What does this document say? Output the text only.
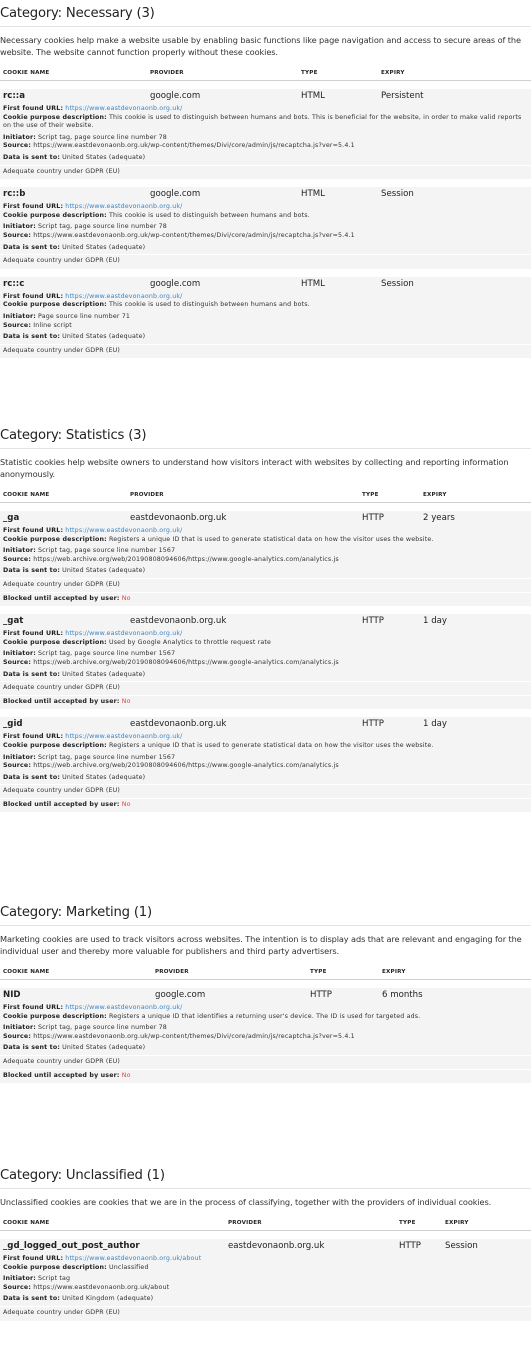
Category: Necessary (3)

Necessary cookies help make a website usable by enabling basic functions like page navigation and access to secure areas of the website. The website cannot function properly without these cookies.

COOKIE NAME	PROVIDER	TYPE	EXPIRY
rc::a	google.com	HTML	Persistent
First found URL: https://www.eastdevonaonb.org.uk/
Cookie purpose description: This cookie is used to distinguish between humans and bots. This is beneficial for the website, in order to make valid reports on the use of their website.
Initiator: Script tag, page source line number 78
Source: https://www.eastdevonaonb.org.uk/wp-content/themes/Divi/core/admin/js/recaptcha.js?ver=5.4.1
Data is sent to: United States (adequate)
Adequate country under GDPR (EU)
rc::b	google.com	HTML	Session
First found URL: https://www.eastdevonaonb.org.uk/
Cookie purpose description: This cookie is used to distinguish between humans and bots.
Initiator: Script tag, page source line number 78
Source: https://www.eastdevonaonb.org.uk/wp-content/themes/Divi/core/admin/js/recaptcha.js?ver=5.4.1
Data is sent to: United States (adequate)
Adequate country under GDPR (EU)
rc::c	google.com	HTML	Session
First found URL: https://www.eastdevonaonb.org.uk/
Cookie purpose description: This cookie is used to distinguish between humans and bots.
Initiator: Page source line number 71
Source: Inline script
Data is sent to: United States (adequate)
Adequate country under GDPR (EU)
Category: Statistics (3)

Statistic cookies help website owners to understand how visitors interact with websites by collecting and reporting information anonymously.

COOKIE NAME	PROVIDER	TYPE	EXPIRY
_ga	eastdevonaonb.org.uk	HTTP	2 years
First found URL: https://www.eastdevonaonb.org.uk/
Cookie purpose description: Registers a unique ID that is used to generate statistical data on how the visitor uses the website.
Initiator: Script tag, page source line number 1567
Source: https://web.archive.org/web/20190808094606/https://www.google-analytics.com/analytics.js
Data is sent to: United States (adequate)
Adequate country under GDPR (EU)
Blocked until accepted by user: No
_gat	eastdevonaonb.org.uk	HTTP	1 day
First found URL: https://www.eastdevonaonb.org.uk/
Cookie purpose description: Used by Google Analytics to throttle request rate
Initiator: Script tag, page source line number 1567
Source: https://web.archive.org/web/20190808094606/https://www.google-analytics.com/analytics.js
Data is sent to: United States (adequate)
Adequate country under GDPR (EU)
Blocked until accepted by user: No
_gid	eastdevonaonb.org.uk	HTTP	1 day
First found URL: https://www.eastdevonaonb.org.uk/
Cookie purpose description: Registers a unique ID that is used to generate statistical data on how the visitor uses the website.
Initiator: Script tag, page source line number 1567
Source: https://web.archive.org/web/20190808094606/https://www.google-analytics.com/analytics.js
Data is sent to: United States (adequate)
Adequate country under GDPR (EU)
Blocked until accepted by user: No
Category: Marketing (1)

Marketing cookies are used to track visitors across websites. The intention is to display ads that are relevant and engaging for the individual user and thereby more valuable for publishers and third party advertisers.

COOKIE NAME	PROVIDER	TYPE	EXPIRY
NID	google.com	HTTP	6 months
First found URL: https://www.eastdevonaonb.org.uk/
Cookie purpose description: Registers a unique ID that identifies a returning user's device. The ID is used for targeted ads.
Initiator: Script tag, page source line number 78
Source: https://www.eastdevonaonb.org.uk/wp-content/themes/Divi/core/admin/js/recaptcha.js?ver=5.4.1
Data is sent to: United States (adequate)
Adequate country under GDPR (EU)
Blocked until accepted by user: No
Category: Unclassified (1)

Unclassified cookies are cookies that we are in the process of classifying, together with the providers of individual cookies.

COOKIE NAME	PROVIDER	TYPE	EXPIRY
_gd_logged_out_post_author	eastdevonaonb.org.uk	HTTP	Session
First found URL: https://www.eastdevonaonb.org.uk/about
Cookie purpose description: Unclassified
Initiator: Script tag
Source: https://www.eastdevonaonb.org.uk/about
Data is sent to: United Kingdom (adequate)
Adequate country under GDPR (EU)
